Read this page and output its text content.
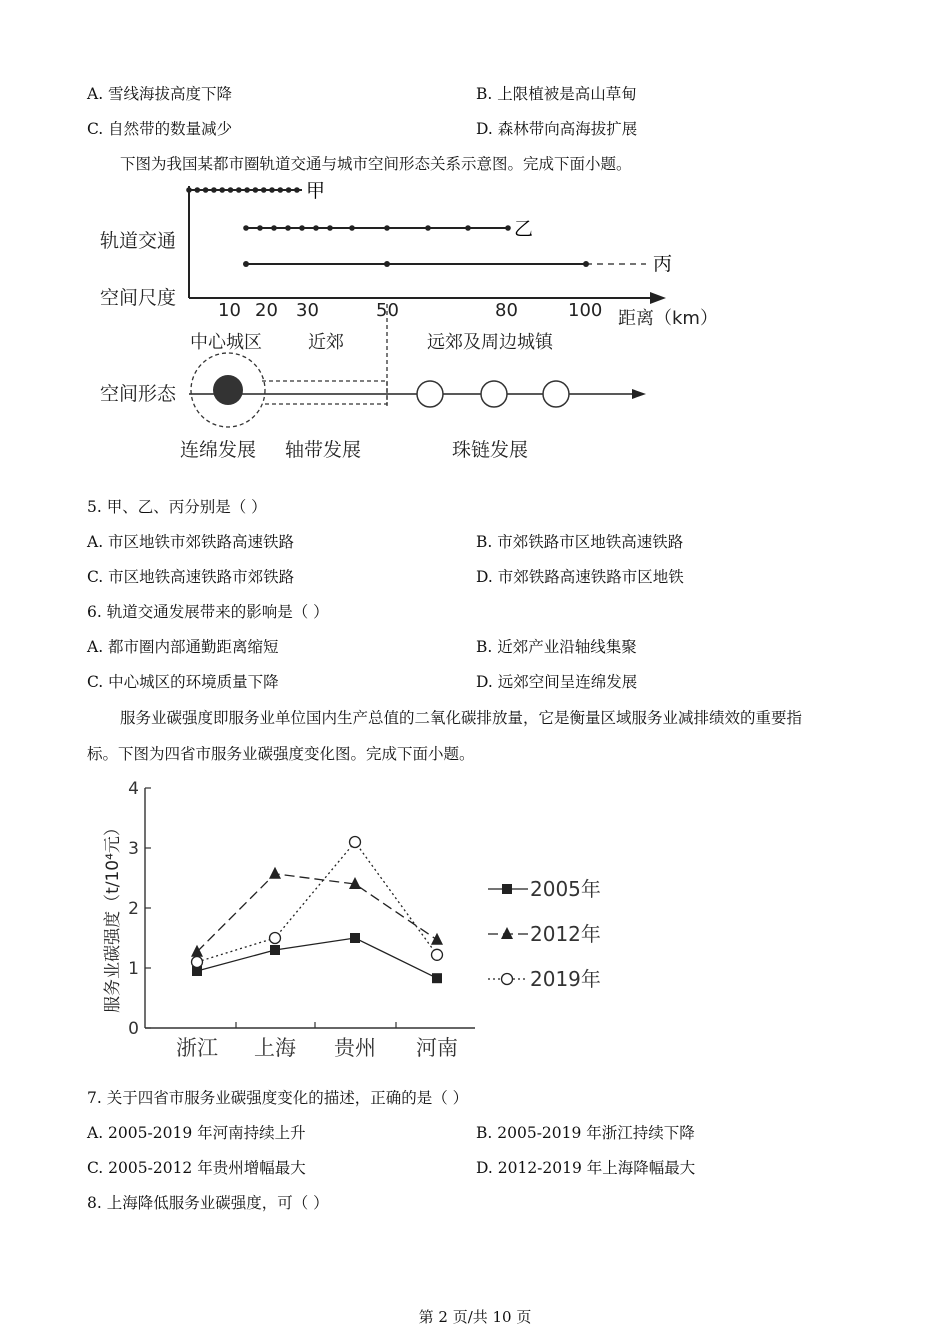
A. 雪线海拔高度下降	B. 上限植被是高山草甸
C. 自然带的数量减少	D. 森林带向高海拔扩展
下图为我国某都市圈轨道交通与城市空间形态关系示意图。完成下面小题。
轨道交通
空间尺度
空间形态
甲
乙
丙
10 20 30	50	80	100 距离（km）
中心城区	近郊	远郊及周边城镇
连绵发展 轴带发展	珠链发展
5. 甲、乙、丙分别是（ ）
A. 市区地铁市郊铁路高速铁路	B. 市郊铁路市区地铁高速铁路
C. 市区地铁高速铁路市郊铁路	D. 市郊铁路高速铁路市区地铁
6. 轨道交通发展带来的影响是（ ）
A. 都市圈内部通勤距离缩短	B. 近郊产业沿轴线集聚
C. 中心城区的环境质量下降	D. 远郊空间呈连绵发展
服务业碳强度即服务业单位国内生产总值的二氧化碳排放量，它是衡量区域服务业减排绩效的重要指
标。下图为四省市服务业碳强度变化图。完成下面小题。
服务业碳强度（t/10⁴元）
0
1
2
3
4
浙江 上海 贵州 河南
2005年
2012年
2019年
7. 关于四省市服务业碳强度变化的描述，正确的是（ ）
A. 2005-2019 年河南持续上升	B. 2005-2019 年浙江持续下降
C. 2005-2012 年贵州增幅最大	D. 2012-2019 年上海降幅最大
8. 上海降低服务业碳强度，可（ ）
第 2 页/共 10 页
